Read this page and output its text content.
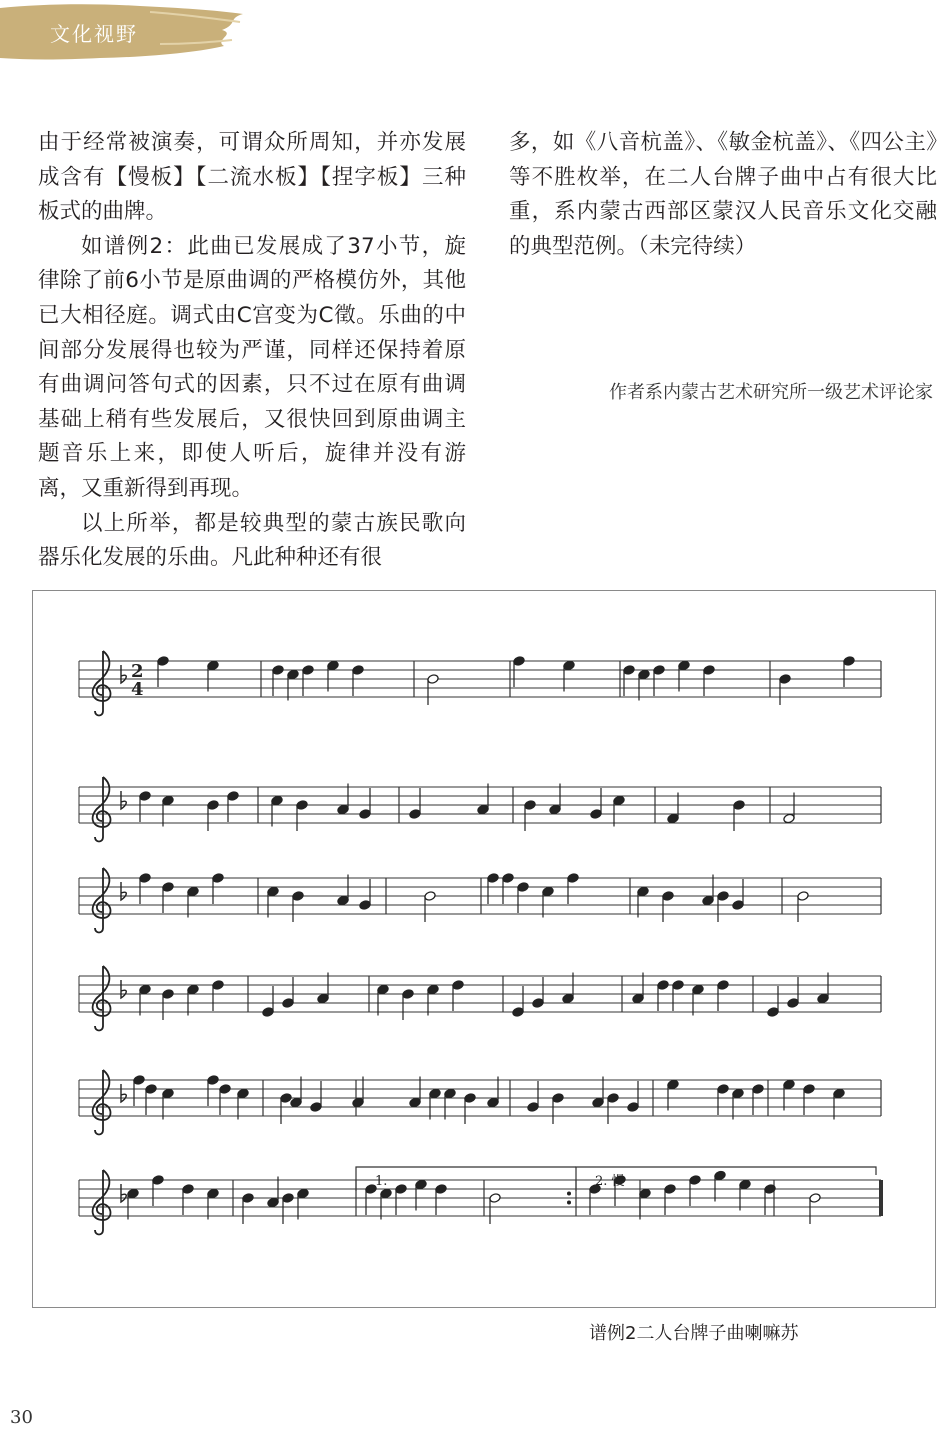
文化视野

由于经常被演奏，可谓众所周知，并亦发展成含有【慢板】【二流水板】【捏字板】三种板式的曲牌。

如谱例2：此曲已发展成了37小节，旋律除了前6小节是原曲调的严格模仿外，其他已大相径庭。调式由C宫变为C徵。乐曲的中间部分发展得也较为严谨，同样还保持着原有曲调问答句式的因素，只不过在原有曲调基础上稍有些发展后，又很快回到原曲调主题音乐上来，即使人听后，旋律并没有游离，又重新得到再现。

以上所举，都是较典型的蒙古族民歌向器乐化发展的乐曲。凡此种种还有很

多，如《八音杭盖》、《敏金杭盖》、《四公主》等不胜枚举，在二人台牌子曲中占有很大比重，系内蒙古西部区蒙汉人民音乐文化交融的典型范例。（未完待续）

作者系内蒙古艺术研究所一级艺术评论家
2
4
1.	2. 慢
谱例2二人台牌子曲喇嘛苏
30
